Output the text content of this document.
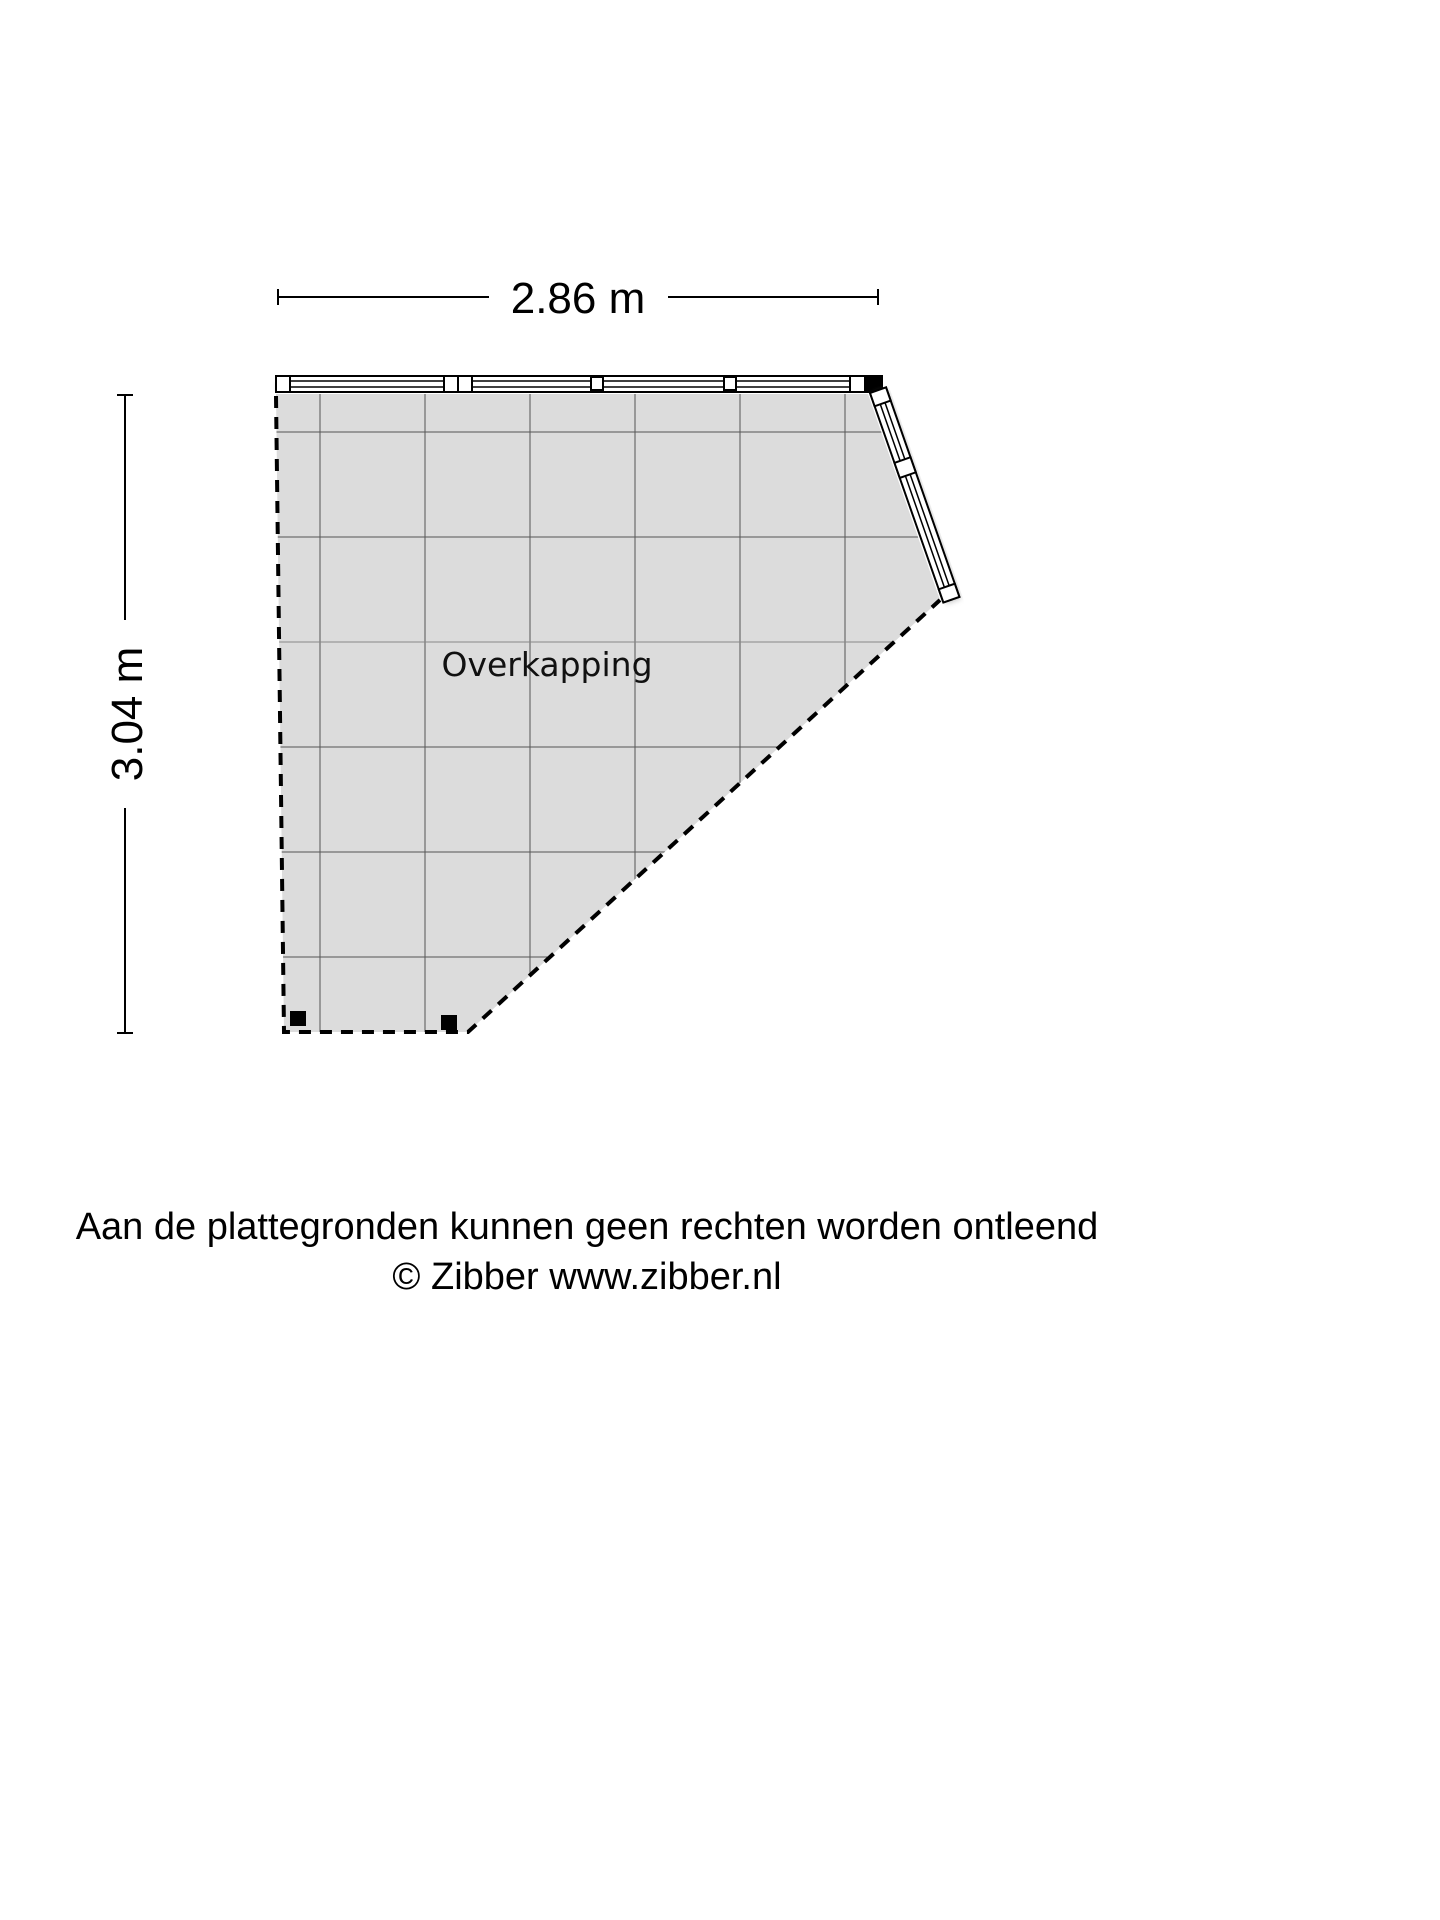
2.86 m
3.04 m	Overkapping

Aan de plattegronden kunnen geen rechten worden ontleend

© Zibber www.zibber.nl
